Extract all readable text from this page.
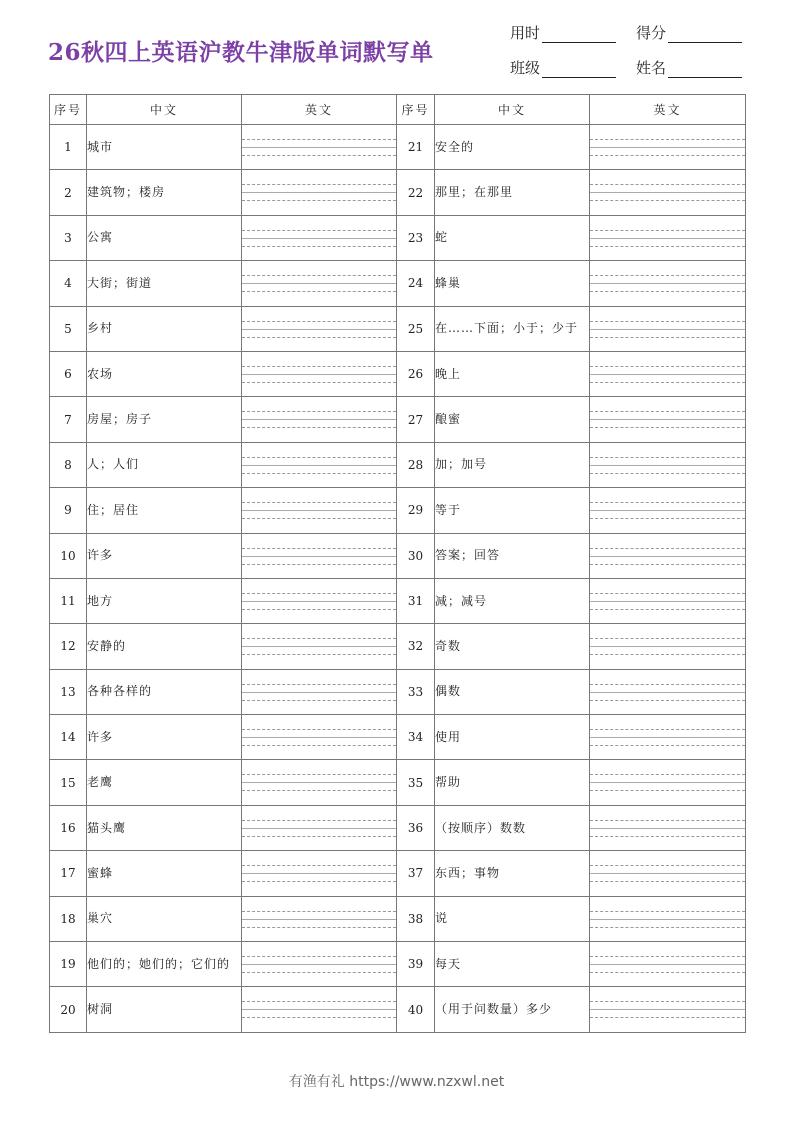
26秋四上英语沪教牛津版单词默写单
用时	得分
班级	姓名
序号	中文	英文	序号	中文	英文
1	城市		21	安全的	

2	建筑物；楼房		22	那里；在那里	

3	公寓		23	蛇	

4	大街；街道		24	蜂巢	

5	乡村		25	在……下面；小于；少于	

6	农场		26	晚上	

7	房屋；房子		27	酿蜜	

8	人；人们		28	加；加号	

9	住；居住		29	等于	

10	许多		30	答案；回答	

11	地方		31	减；减号	

12	安静的		32	奇数	

13	各种各样的		33	偶数	

14	许多		34	使用	

15	老鹰		35	帮助	

16	猫头鹰		36	（按顺序）数数	

17	蜜蜂		37	东西；事物	

18	巢穴		38	说	

19	他们的；她们的；它们的		39	每天	

20	树洞		40	（用于问数量）多少	
有渔有礼 https://www.nzxwl.net
